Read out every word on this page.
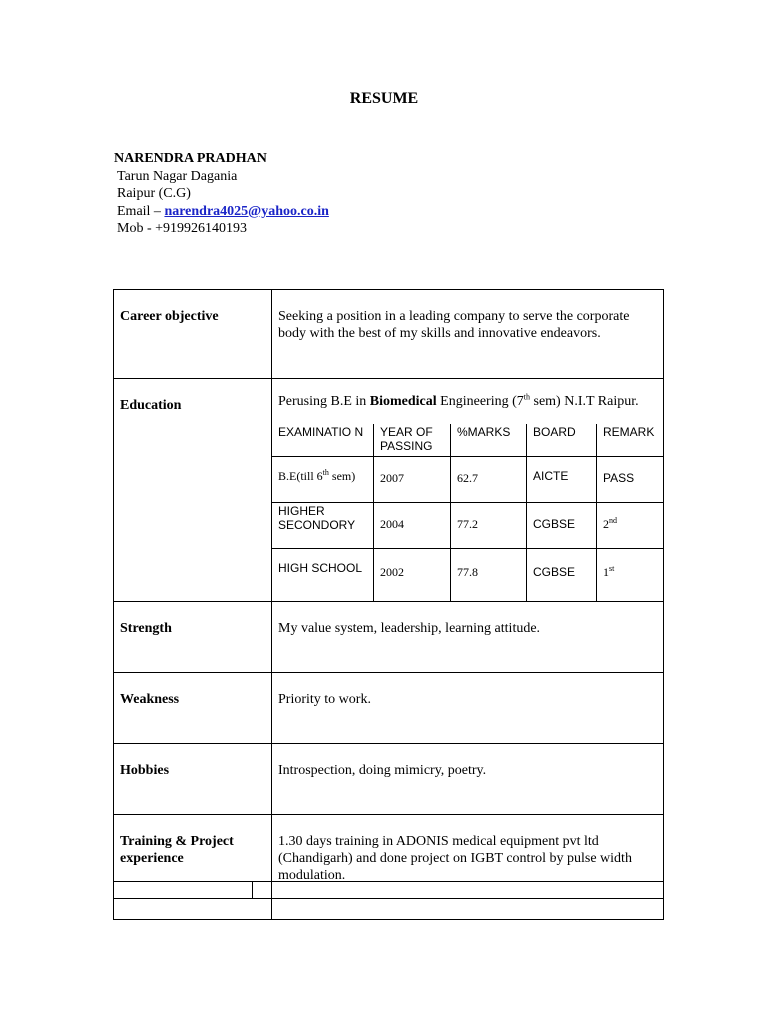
RESUME
NARENDRA PRADHAN
Tarun Nagar Dagania
Raipur (C.G)
Email – narendra4025@yahoo.co.in
Mob - +919926140193
Career objective	Seeking a position in a leading company to serve the corporate body with the best of my skills and innovative endeavors.
Education	Perusing B.E in Biomedical Engineering (7th sem) N.I.T Raipur.
EXAMINATIO N	YEAR OF PASSING	%MARKS	BOARD	REMARK
B.E(till 6th sem)	2007	62.7	AICTE	PASS
HIGHER SECONDORY	2004	77.2	CGBSE	2nd
HIGH SCHOOL	2002	77.8	CGBSE	1st

Strength	My value system, leadership, learning attitude.
Weakness	Priority to work.
Hobbies	Introspection, doing mimicry, poetry.
Training & Project experience	1.30 days training in ADONIS medical equipment pvt ltd (Chandigarh) and done project on IGBT control by pulse width modulation.
